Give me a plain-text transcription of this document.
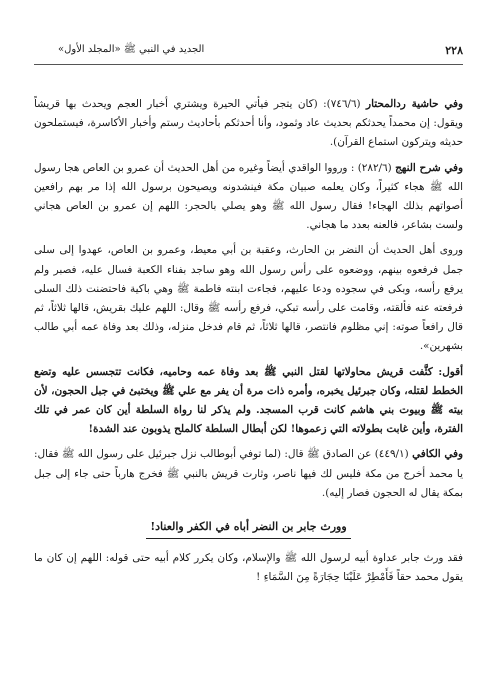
٢٢٨
الجديد في النبي ﷺ «المجلد الأول»

وفي حاشية ردالمحتار (٧٤٦/٦): (كان يتجر فيأتي الحيرة ويشتري أخبار العجم ويحدث بها قريشاً ويقول: إن محمداً يحدثكم بحديث عاد وثمود، وأنا أحدثكم بأحاديث رستم وأخبار الأكاسرة، فيستملحون حديثه ويتركون استماع القرآن).

وفي شرح النهج (٢٨٢/٦) : ورووا الواقدي أيضاً وغيره من أهل الحديث أن عمرو بن العاص هجا رسول الله ﷺ هجاء كثيراً، وكان يعلمه صبيان مكة فينشدونه ويصيحون برسول الله إذا مر بهم رافعين أصواتهم بذلك الهجاء! فقال رسول الله ﷺ وهو يصلي بالحجر: اللهم إن عمرو بن العاص هجاني ولست بشاعر، فالعنه بعدد ما هجاني.

وروى أهل الحديث أن النضر بن الحارث، وعقبة بن أبي معيط، وعمرو بن العاص، عهدوا إلى سلى جمل فرفعوه بينهم، ووضعوه على رأس رسول الله وهو ساجد بفناء الكعبة فسال عليه، فصبر ولم يرفع رأسه، وبكى في سجوده ودعا عليهم، فجاءت ابنته فاطمة ﷺ وهي باكية فاحتضنت ذلك السلى فرفعته عنه فألقته، وقامت على رأسه تبكي، فرفع رأسه ﷺ وقال: اللهم عليك بقريش، قالها ثلاثاً، ثم قال رافعاً صوته: إني مظلوم فانتصر، قالها ثلاثاً، ثم قام فدخل منزله، وذلك بعد وفاة عمه أبي طالب بشهرين».

أقول: كثَّفت قريش محاولاتها لقتل النبي ﷺ بعد وفاة عمه وحاميه، فكانت تتجسس عليه وتضع الخطط لقتله، وكان جبرئيل يخبره، وأمره ذات مرة أن يفر مع علي ﷺ ويختبئ في جبل الحجون، لأن بيته ﷺ وبيوت بني هاشم كانت قرب المسجد. ولم يذكر لنا رواة السلطة أين كان عمر في تلك الفترة، وأين غابت بطولاته التي زعموها! لكن أبطال السلطة كالملح يذوبون عند الشدة!

وفي الكافي (٤٤٩/١) عن الصادق ﷺ قال: (لما توفي أبوطالب نزل جبرئيل على رسول الله ﷺ فقال: يا محمد أخرج من مكة فليس لك فيها ناصر، وثارت قريش بالنبي ﷺ فخرج هارباً حتى جاء إلى جبل بمكة يقال له الحجون فصار إليه).

وورث جابر بن النضر أباه في الكفر والعناد!

فقد ورث جابر عداوة أبيه لرسول الله ﷺ والإسلام، وكان يكرر كلام أبيه حتى قوله: اللهم إن كان ما يقول محمد حقاً فَأَمْطِرْ عَلَيْنَا حِجَارَةً مِنَ السَّمَاءِ !
